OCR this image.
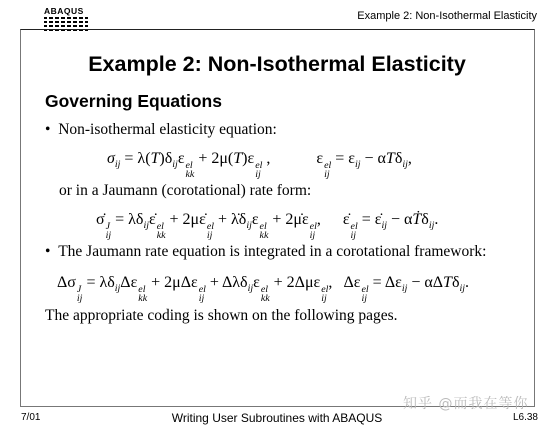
ABAQUS	Example 2: Non-Isothermal Elasticity
Example 2: Non-Isothermal Elasticity
Governing Equations
•  Non-isothermal elasticity equation:
$\sigma_{ij} = \lambda(T)\delta_{ij}\varepsilon$ el
kk
+ 2μ(T)ε el
ij
,  ε el
ij
= $\varepsilon_{ij} - \alpha T\delta_{ij}$,
or in a Jaumann (corotational) rate form:
σ̇ J
ij
= $\lambda\delta_{ij}\varepsiloṅ$ el
kk
+ 2με̇ el
ij
+ $\lambdȧ\delta_{ij}\varepsilon$ el
kk
+ 2μ̇ε el
ij
,  ε̇ el
ij
= $\varepsiloṅ_{ij}$ − αṪδ$_{ij}$.
•  The Jaumann rate equation is integrated in a corotational framework:
Δσ J
ij
= $\lambda\delta_{ij}\Delta\varepsilon$ el
kk
+ 2μΔε el
ij
+ Δλδ$_{ij}$ε el
kk
+ 2Δμε el
ij
,  Δε el
ij
= $\Delta\varepsilon_{ij} - \alpha\Delta T\delta_{ij}$.
The appropriate coding is shown on the following pages.
知乎 @而我在等你
7/01	Writing User Subroutines with ABAQUS	L6.38
